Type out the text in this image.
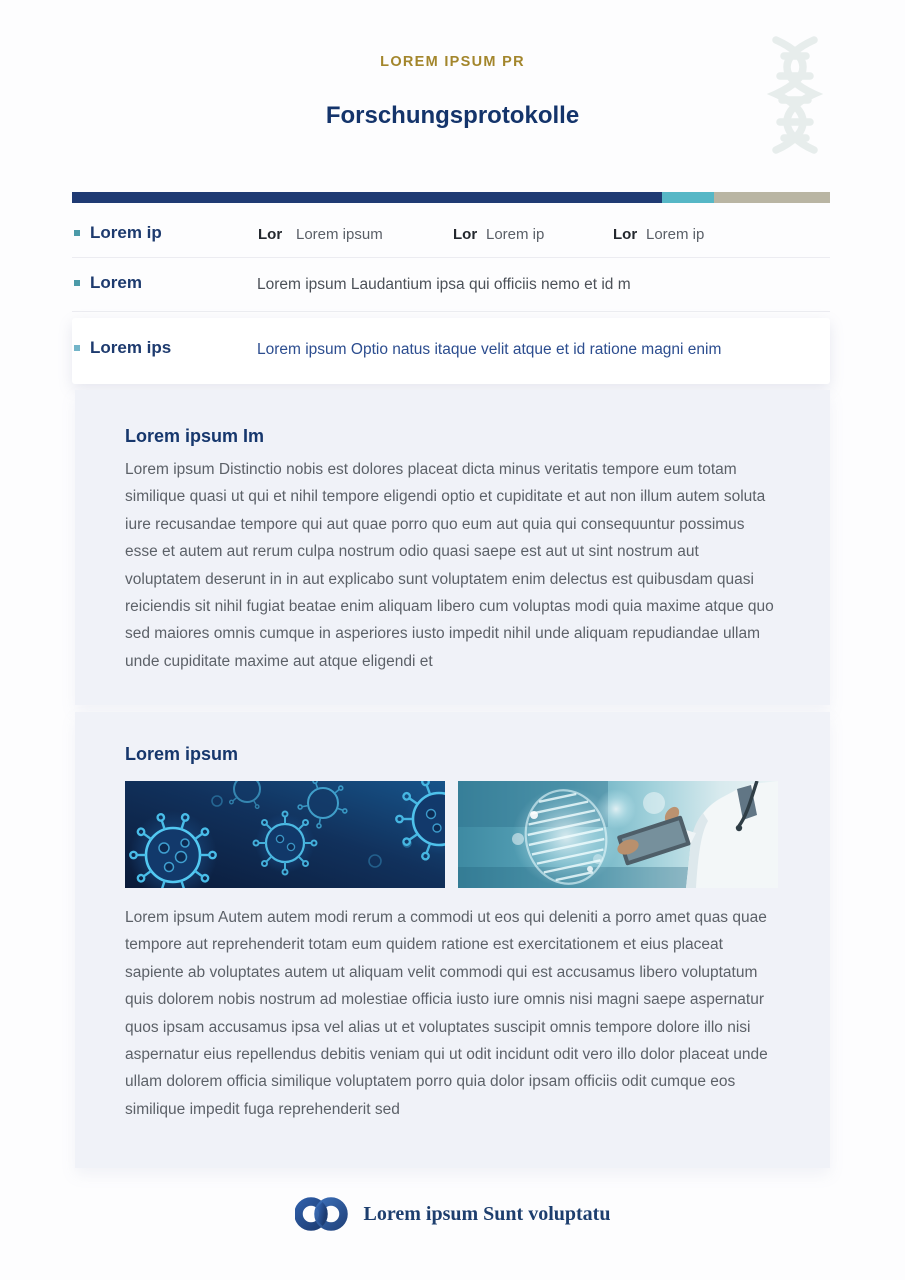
LOREM IPSUM PR
Forschungsprotokolle
Lorem ip	Lor Lorem ipsum	Lor Lorem ip	Lor Lorem ip
Lorem	Lorem ipsum Laudantium ipsa qui officiis nemo et id m
Lorem ips	Lorem ipsum Optio natus itaque velit atque et id ratione magni enim
Lorem ipsum Im

Lorem ipsum Distinctio nobis est dolores placeat dicta minus veritatis tempore eum totam similique quasi ut qui et nihil tempore eligendi optio et cupiditate et aut non illum autem soluta iure recusandae tempore qui aut quae porro quo eum aut quia qui consequuntur possimus esse et autem aut rerum culpa nostrum odio quasi saepe est aut ut sint nostrum aut voluptatem deserunt in in aut explicabo sunt voluptatem enim delectus est quibusdam quasi reiciendis sit nihil fugiat beatae enim aliquam libero cum voluptas modi quia maxime atque quo sed maiores omnis cumque in asperiores iusto impedit nihil unde aliquam repudiandae ullam unde cupiditate maxime aut atque eligendi et

Lorem ipsum

Lorem ipsum Autem autem modi rerum a commodi ut eos qui deleniti a porro amet quas quae tempore aut reprehenderit totam eum quidem ratione est exercitationem et eius placeat sapiente ab voluptates autem ut aliquam velit commodi qui est accusamus libero voluptatum quis dolorem nobis nostrum ad molestiae officia iusto iure omnis nisi magni saepe aspernatur quos ipsam accusamus ipsa vel alias ut et voluptates suscipit omnis tempore dolore illo nisi aspernatur eius repellendus debitis veniam qui ut odit incidunt odit vero illo dolor placeat unde ullam dolorem officia similique voluptatem porro quia dolor ipsam officiis odit cumque eos similique impedit fuga reprehenderit sed

Lorem ipsum Sunt voluptatu
